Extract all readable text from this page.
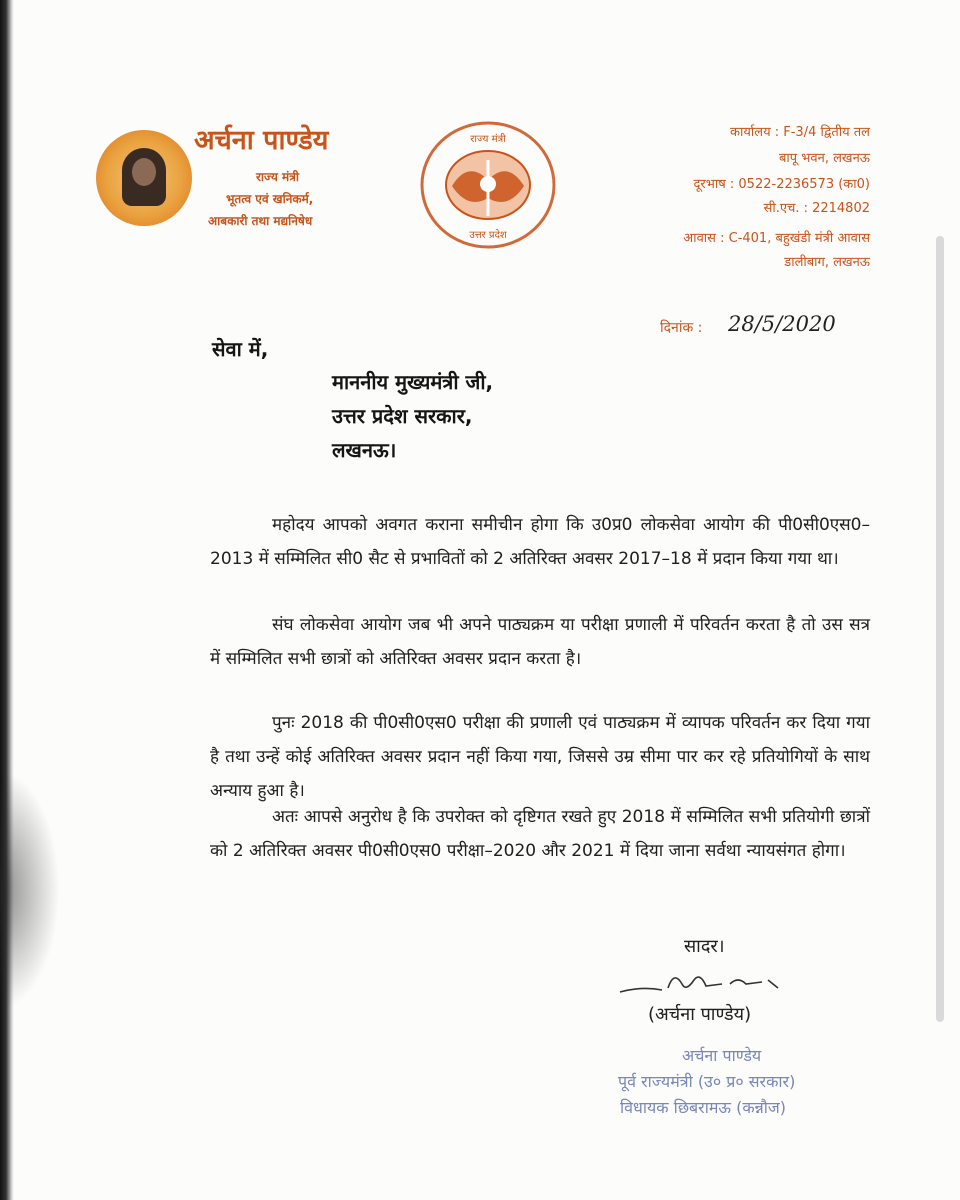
अर्चना पाण्डेय
राज्य मंत्री
भूतत्व एवं खनिकर्म,
आबकारी तथा मद्यनिषेध
राज्य मंत्री
उत्तर प्रदेश
कार्यालय : F-3/4 द्वितीय तल
बापू भवन, लखनऊ
दूरभाष : 0522-2236573 (का0)
सी.एच. : 2214802
आवास : C-401, बहुखंडी मंत्री आवास
डालीबाग, लखनऊ
दिनांक : 28/5/2020
सेवा में,
माननीय मुख्यमंत्री जी,
उत्तर प्रदेश सरकार,
लखनऊ।
महोदय आपको अवगत कराना समीचीन होगा कि उ0प्र0 लोकसेवा आयोग की पी0सी0एस0–2013 में सम्मिलित सी0 सैट से प्रभावितों को 2 अतिरिक्त अवसर 2017–18 में प्रदान किया गया था।
संघ लोकसेवा आयोग जब भी अपने पाठ्यक्रम या परीक्षा प्रणाली में परिवर्तन करता है तो उस सत्र में सम्मिलित सभी छात्रों को अतिरिक्त अवसर प्रदान करता है।
पुनः 2018 की पी0सी0एस0 परीक्षा की प्रणाली एवं पाठ्यक्रम में व्यापक परिवर्तन कर दिया गया है तथा उन्हें कोई अतिरिक्त अवसर प्रदान नहीं किया गया, जिससे उम्र सीमा पार कर रहे प्रतियोगियों के साथ अन्याय हुआ है।
अतः आपसे अनुरोध है कि उपरोक्त को दृष्टिगत रखते हुए 2018 में सम्मिलित सभी प्रतियोगी छात्रों को 2 अतिरिक्त अवसर पी0सी0एस0 परीक्षा–2020 और 2021 में दिया जाना सर्वथा न्यायसंगत होगा।
सादर।
(अर्चना पाण्डेय)
अर्चना पाण्डेय
पूर्व राज्यमंत्री (उ० प्र० सरकार)
विधायक छिबरामऊ (कन्नौज)
